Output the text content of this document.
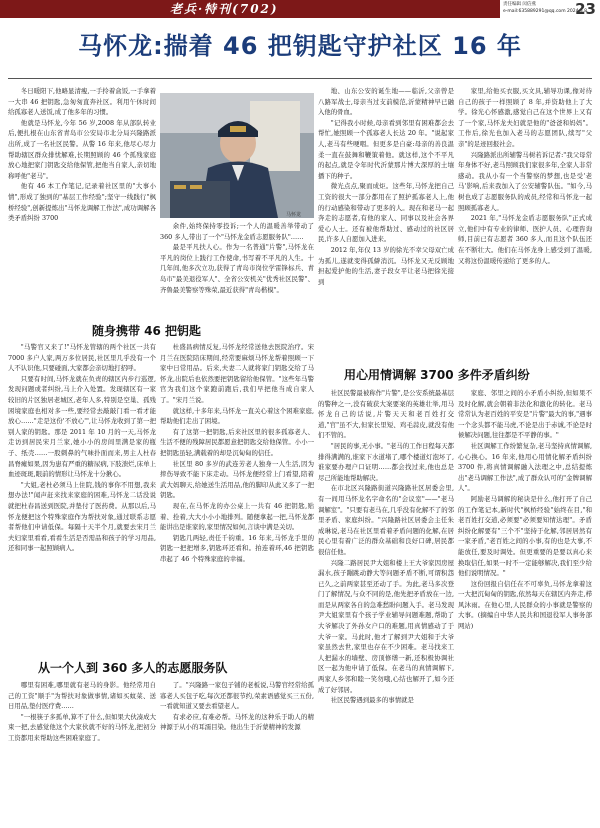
老兵·特刊(702)	责任编辑 闵信燕
e-mail:635889291@qq.com 2024.3.8
23
马怀龙:揣着 46 把钥匙守护社区 16 年

冬日暖阳下,他略显清瘦,一手拎着盒饭,一手拿着一大串 46 把钥匙,急匆匆直奔社区。利用午休时间给孤寡老人送饭,成了他多年的习惯。

他就是马怀龙,今年 56 岁,2008 年从部队转业后,便扎根在山东省青岛市公安局市北分局兴隆路派出所,成了一名社区民警。从警 16 年来,他尽心尽力帮助辖区群众排忧解难,长期照顾的 46 个孤残家庭放心地把家门钥匙交给他保管,把他当自家人,亲切地称呼他"老马"。

他有 46 本工作笔记,记录着社区里的"大事小情",形成了独到的"基层工作经验";坚守一线践行"枫桥经验",创新提炼出"马怀龙调解工作法",成功调解各类矛盾纠纷 3700	马怀龙

余件,始终保持零投诉;一个人的温暖善举带动了 360 多人,带出了一个"马怀龙金盾志愿服务队"……

最是平凡扶人心。作为一名普通"片警",马怀龙在平凡的岗位上践行工作使命,书写着不平凡的人生。十几年间,他多次立功,获得了青岛市岗位学雷锋标兵、青岛市"最美退役军人"、全省公安机关"优秀社区民警"、齐鲁最美警察等殊荣,最近获得"青岛楷模"。

地、山东公安的诞生地——临沂,父亲曾是八路军战士,母亲当过支前模范,沂蒙精神早已融入他的骨血。

"记得我小时候,母亲看到邻里有困难都会去帮忙,她照顾一个孤寡老人长达 20 年。"说起家人,老马有些哽咽。但更多是自豪:母亲的善良温柔一直在鼓舞和鞭策着他。就这样,这个不平凡的起点,就是令年时代沂蒙那片博大深厚的土壤播下的种子。

微光点点,聚而成炬。这些年,马怀龙把自己工资的很大一部分都用在了照护孤寡老人上,他的行动感染和带动了更多的人。现在和老马一起奔走的志愿者,有他的家人、同事以及社会各界爱心人士。还有被他帮助过、感动过的社区居民,许多人自愿加入进来。

2012 年,年仅 13 岁的徐光不幸父母双亡成为孤儿,遂就变得孤僻消沉。马怀龙又无反顾地担起爱护他的生活,妻子段女平让老马把徐光接到

家里,给他买衣服,买文具,辅导功课,像对待自己的孩子一样照顾了 8 年,并资助他上了大学。徐光心怀感激,感觉自己在这个世界上又有了一个家,马怀龙夫妇就是他的"爸爸和妈妈"。工作后,徐光也加入老马的志愿团队,续写"父亲"的足迹回报社会。

兴隆路派出所辅警马树若诉记者:"我父母常年身体不好,老马照顾我们家很多年,全家人非常感动。我从小有一个当警察的梦想,也是受'老马'影响,后来我加入了公安辅警队伍。"如今,马树也成了志愿服务队的成员,经常和马怀龙一起照顾孤寡老人。

2021 年,"马怀龙金盾志愿服务队"正式成立,他们中有专业的律师、医护人员、心理咨询师,目前已有志愿者 360 多人,而且这个队伍还在不断壮大。他们在马怀龙身上感受到了温暖,又将这份温暖传递给了更多的人。

随身携带 46 把钥匙

"马警官又来了!"马怀龙管辖的两个社区一共有 7000 多户人家,两万多位居民,社区里几乎没有一个人不认识他,只要碰面,大家都会亲切地打招呼。

只要有时间,马怀龙就在负责的辖区内步行巡逻,发现问题或者纠纷,马上介入处置。发现辖区有一家较旧的片区独居老城区,老年人多,特别是空巢、孤残困境家庭也相对多一些,要经常去敲敲门看一看才能放心……"走是这份'不放心'",让马怀龙收到了第一把别人家的钥匙。那是 2011 年 10 月的一天,马怀龙走访到居民宋月兰家,她小小的房间里满是家的瓶子、纸壳……一股刺鼻的气味扑面而来,男主人杜春昌脊瘫如果,因为患有严重的糖尿病,下肢溃烂,床单上血迹斑斑,眼前的情形让马怀龙十分揪心。

"大姐,老杜必须马上住院,钱的事你不用想,我来想办法!"闻声赶来找来家庭的困难,马怀龙二话没说就把杜春昌送到医院,并垫付了医药费。从那以后,马怀龙便把这个特殊家庭作为帮扶对象,通过联系志愿者帮他们申请低保。每隔十天半个月,就要去宋月兰夫妇家里看看,看看生活是否需品和孩子的学习用品,还和同事一起照顾病人。

杜盛昌病情反复,马怀龙经常送他去医院治疗。宋月兰在医院陪床期间,经常要麻烦马怀龙帮着照顾一下家中日常用品。后来,夫妻二人就将家门钥匙交给了马怀龙,出院后也依然要把钥匙留给他保管。"这些年马警官为我们这个家跑前跑后,我们早把他当成自家人了。"宋月兰说。

就这样,十多年来,马怀龙一直关心着这个困难家庭,帮助他们走出了困境。

有了这第一把钥匙,后来社区里的很多孤寡老人、生活不便的残障居民都愿意把钥匙交给他保管。小小一把钥匙虽轻,满载着的却是沉甸甸的信任。

社区里 80 多岁的武连芳老人独身一人生活,因为摔伤导致不能下床走动。马怀龙便经常上门看望,陪着武大妈聊天,给她送生活用品,他的脚印从此又多了一把钥匙。

现在,在马怀龙的办公桌上一共有 46 把钥匙,贴着、拴着,大大小小小地排列。随便拿起一把,马怀龙都能讲出是谁家的,家里情况如何,言谈中满是关切。

钥匙几两轻,责任千钧重。16 年来,马怀龙手里的钥匙一把把增多,钥匙环还看和。拍连着环,46 把钥匙串起了 46 个特殊家庭的幸福。

从一个人到 360 多人的志愿服务队

哪里有困难,哪里就有老马的身影。他经常用自己的工资"顺手"为帮扶对象做事情,诸如买蚊菜、送日用品,垫付医疗费……

"一根筷子多孤单,算不了什么,但如果大伙凑成大束一把,去感觉他这个大家伙就不好的马怀龙,把初分工资都用来帮助这些困难家庭了。

了。"兴隆路一家包子铺的老板说,马警官经常给孤寡老人买包子吃,每次还都很节约,荣素语感觉买三五份,一看就知道又要去看望老人。

有求必应,有难必帮。马怀龙的这种乐于助人的精神源于从小的耳濡目染。他出生于沂蒙精神的发源

用心用情调解 3700 多件矛盾纠纷

社区民警最被称作"片警",是公安系统最基层的警种之一,没有破获大案要案的英雄壮举,用马怀龙自己的话说,片警天天和老百姓打交道,"官"虽不大,但家长里短、鸡毛蒜皮,就没有他们不管的。

"居民的事,无小事。"老马的工作日程每天都排得满满的,谁家下水道堵了,哪个楼道灯泡坏了,谁家要办理户口证明……都会找过来,他也总是尽己所能地帮助解决。

在市北区兴隆路街道兴隆路社区居委会里,有一间用马怀龙名字命名的"会议室"——"老马调解室"。"只要有老马在,几乎没有化解不了的邻里矛盾、家庭纠纷。"兴隆路社区居委会主任朱成琳说,老马在社区里看着矛盾问题的化解,在居民心里有着广泛的群众基础和良好口碑,居民都很信任他。

兴隆二路居民尹大姐和楼上王大爷家因房屋漏水,孩子蹦跳动静大等问题矛盾不断,可谓积怨已久,之前两家甚至还动了手。为此,老马多次登门了解情况,与众不同的是,他先把矛盾放在一边,而是从两家各自的急难愁盼问题入手。老马发现尹大姐家里有个孩子学业辅导问题难题,帮助了大爷解决了外孙女户口的难题,用真情感动了于大爷一家。马此时,他才了解到尹大姐和于大爷家虽然去世,家里也存在不少困难。老马找来工人把漏水的墙壁、房顶修缮一新,还积极协调社区一起为他申请了低保。在老马的真情调解下,两家人乡邻和睦一笑勿哦,心结也解开了,如今还成了好邻居。

社区民警遇到最多的事情就是

家庭、邻里之间的小矛盾小纠纷,但如果不及时化解,就会朝着非法化和激化的转化。老马常常认为老百姓的平安是"片警"最大的事,"遇事一个念头都不能马虎,不论是出于赤诚,不论是时候解决问题,往往都是不平静的事。"

社区调解工作纷繁复杂,老马坚持真情调解,心心换心。16 年来,他用心用情化解矛盾纠纷 3700 件,将真情调解融入法理之中,总结提炼出"老马调解工作法",成了群众认可的"金牌调解人"。

阿励老马调解的秘诀是什么,他打开了自己的工作笔记本,新时代"枫桥经验"始终在目,"和老百姓打交道,必须要"必须要知情达理"。矛盾纠纷化解要有"三个不"坚持于化解,邻居居然有一家矛盾,"老百姓之间的小事,有的也是大事,不能放任,要及时调处。但更重要的是要以真心来换取信任,如果一时不一定能够解决,我们至少给他们说明情况。"

这份回报自信任在不可辜负,马怀龙拿着这一大把沉甸甸的钥匙,依然每天在辖区内奔走,栉风沐雨。在他心里,人民群众的小事就是警察的大事。(摘编自中华人民共和国退役军人事务部网站)
